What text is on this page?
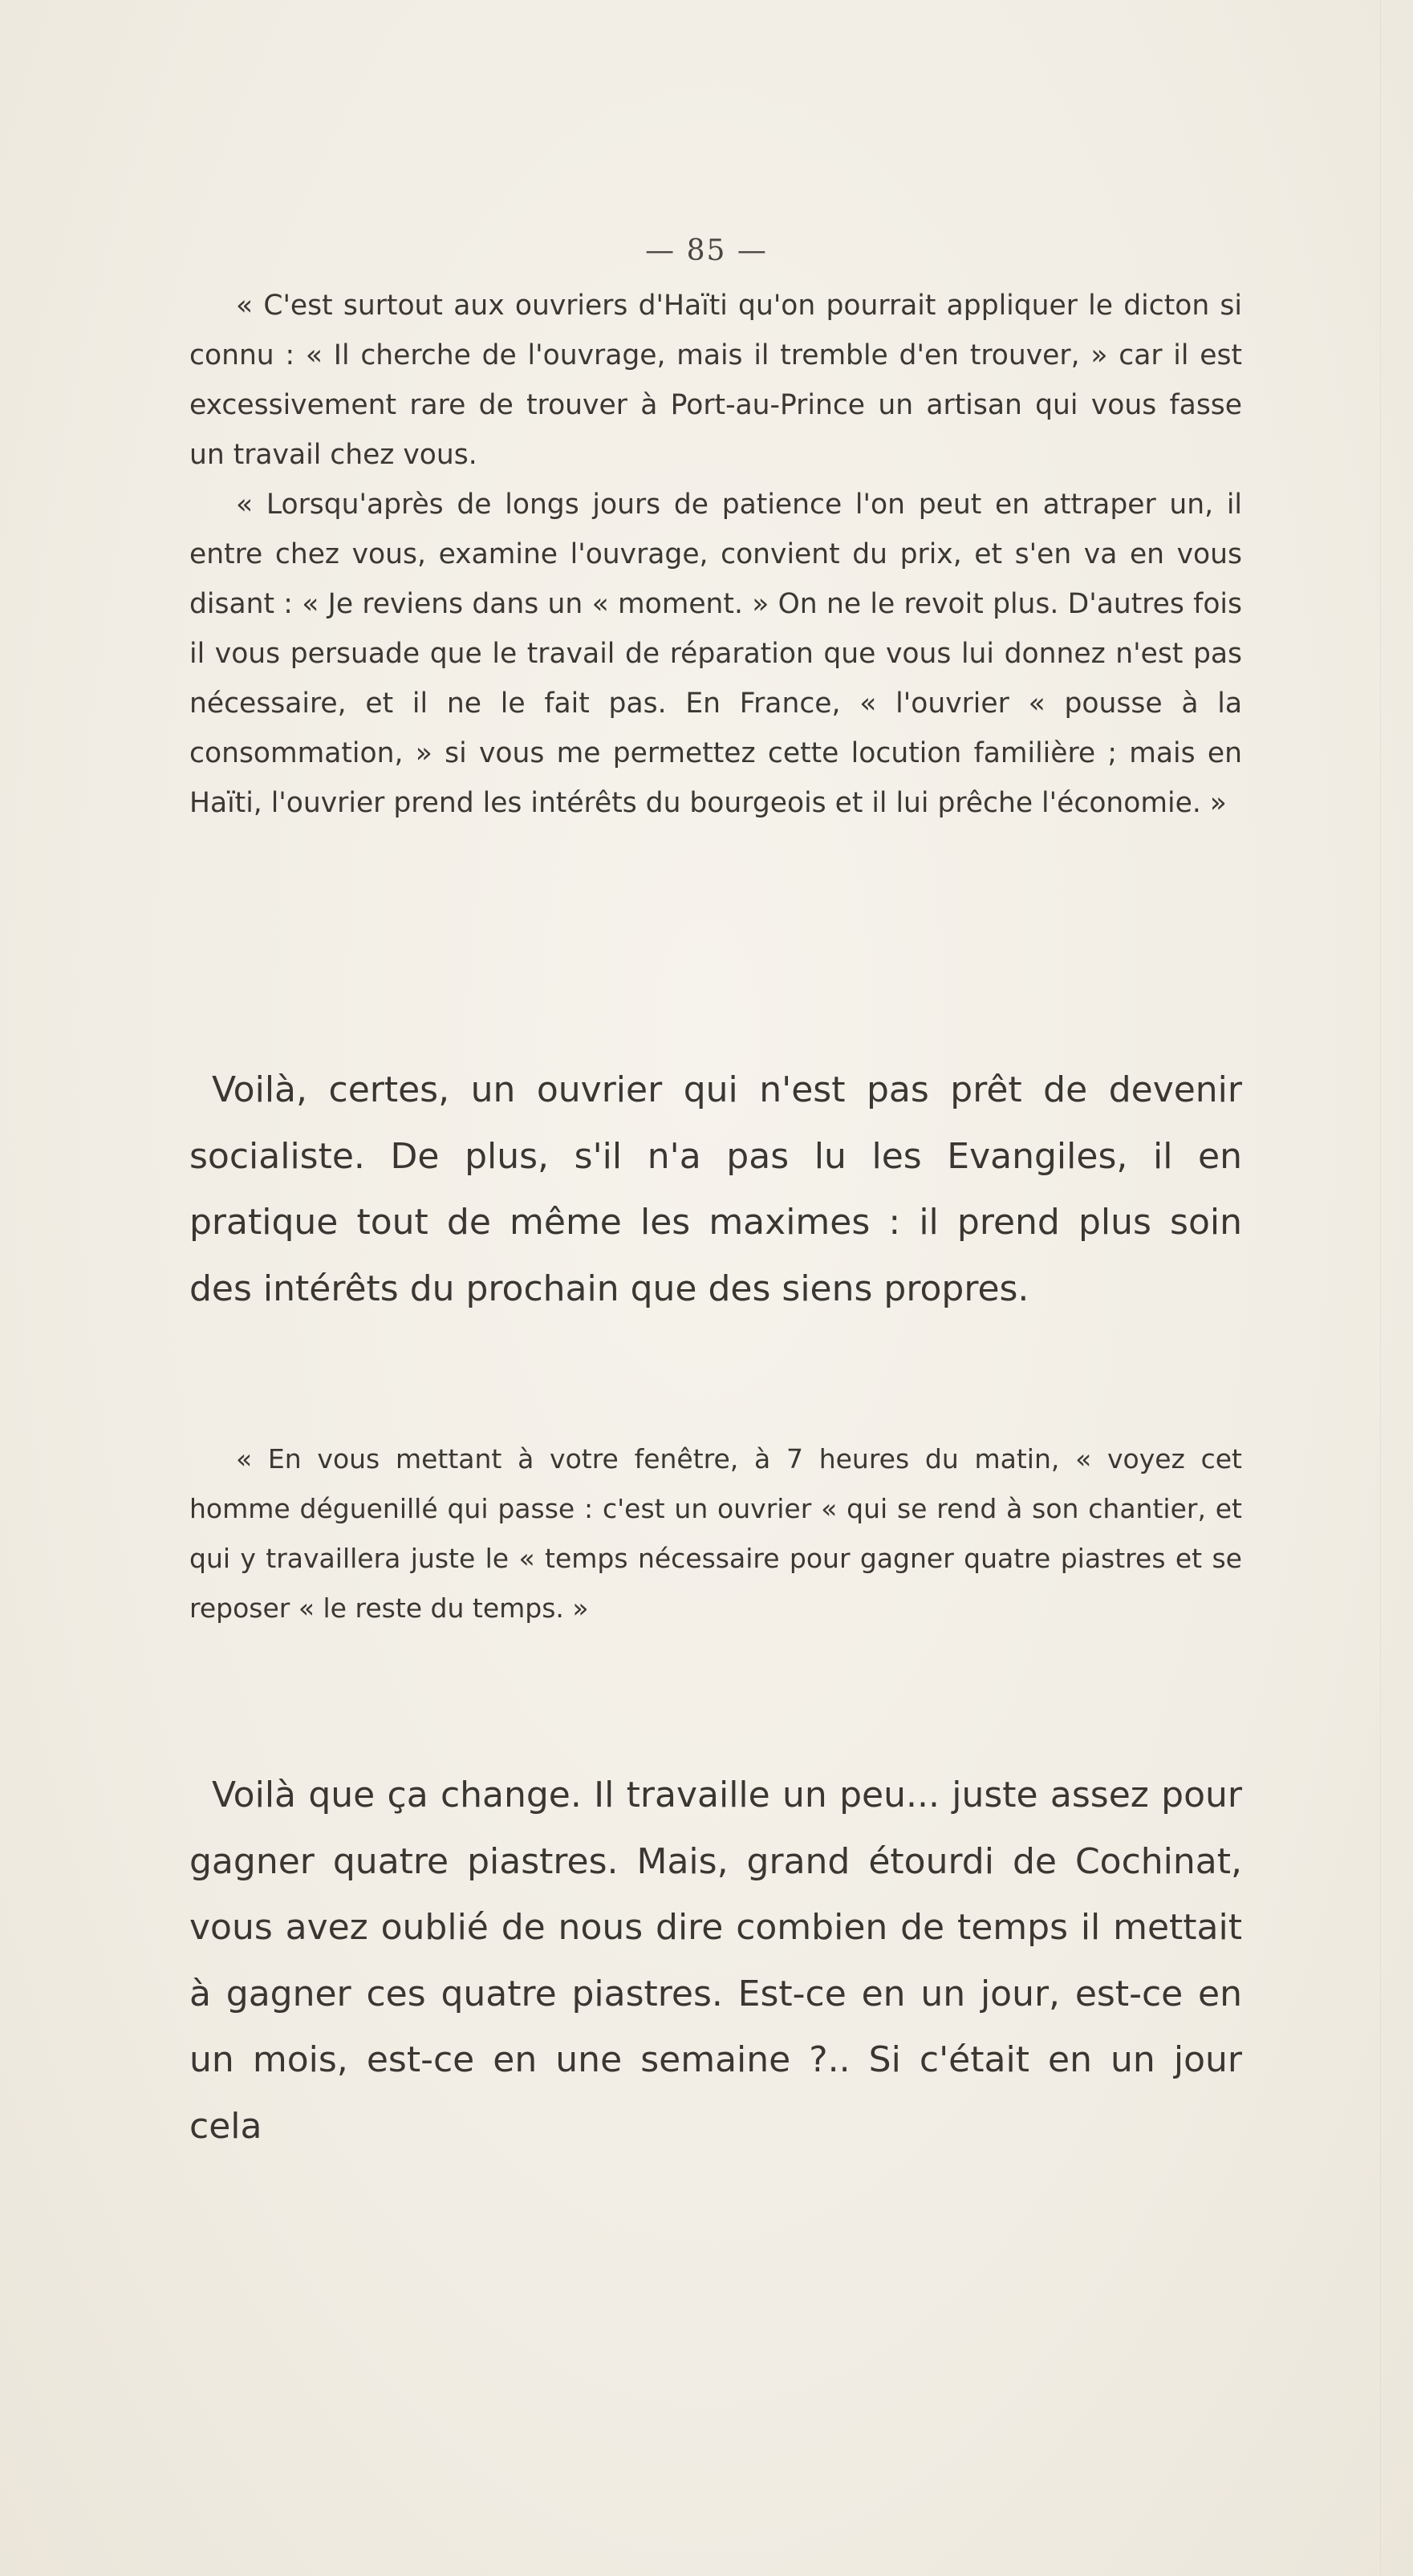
— 85 —

« C'est surtout aux ouvriers d'Haïti qu'on pourrait appliquer le dicton si connu : « Il cherche de l'ouvrage, mais il tremble d'en trouver, » car il est excessivement rare de trouver à Port-au-Prince un artisan qui vous fasse un travail chez vous.

« Lorsqu'après de longs jours de patience l'on peut en attraper un, il entre chez vous, examine l'ouvrage, convient du prix, et s'en va en vous disant : « Je reviens dans un « moment. » On ne le revoit plus. D'autres fois il vous persuade que le travail de réparation que vous lui donnez n'est pas nécessaire, et il ne le fait pas. En France, « l'ouvrier « pousse à la consommation, » si vous me permettez cette locution familière ; mais en Haïti, l'ouvrier prend les intérêts du bourgeois et il lui prêche l'économie. »

Voilà, certes, un ouvrier qui n'est pas prêt de devenir socialiste. De plus, s'il n'a pas lu les Evangiles, il en pratique tout de même les maximes : il prend plus soin des intérêts du prochain que des siens propres.

« En vous mettant à votre fenêtre, à 7 heures du matin, « voyez cet homme déguenillé qui passe : c'est un ouvrier « qui se rend à son chantier, et qui y travaillera juste le « temps nécessaire pour gagner quatre piastres et se reposer « le reste du temps. »

Voilà que ça change. Il travaille un peu... juste assez pour gagner quatre piastres. Mais, grand étourdi de Cochinat, vous avez oublié de nous dire combien de temps il mettait à gagner ces quatre piastres. Est-ce en un jour, est-ce en un mois, est-ce en une semaine ?.. Si c'était en un jour cela
